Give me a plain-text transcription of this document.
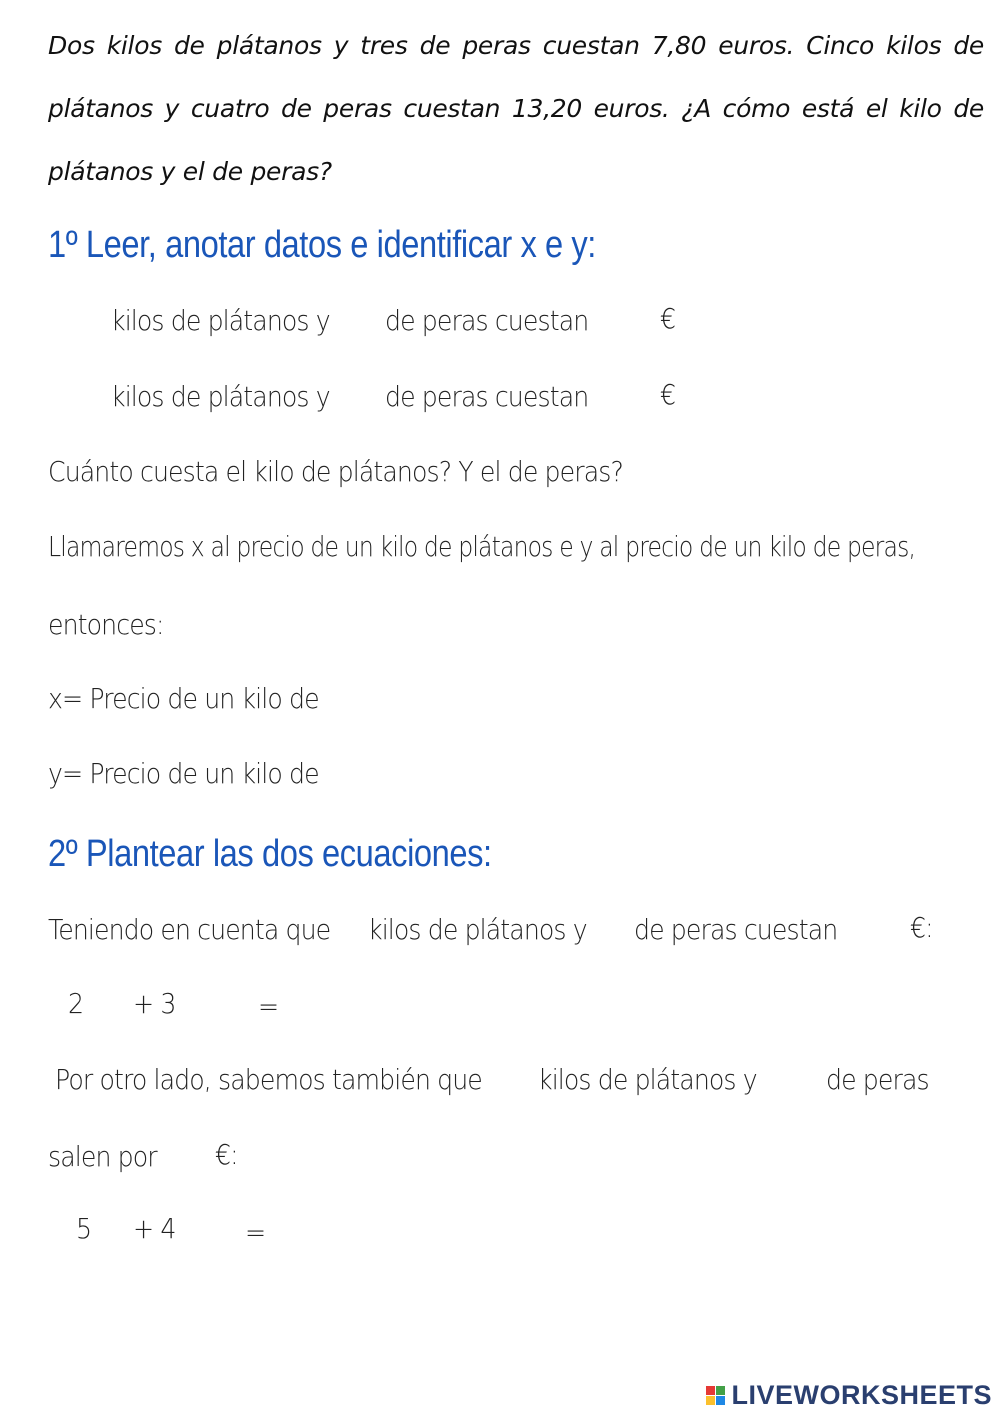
Dos kilos de plátanos y tres de peras cuestan 7,80 euros. Cinco kilos de plátanos y cuatro de peras cuestan 13,20 euros. ¿A cómo está el kilo de plátanos y el de peras?
1º Leer, anotar datos e identificar x e y:
kilos de plátanos y de peras cuestan	€
kilos de plátanos y de peras cuestan	€
Cuánto cuesta el kilo de plátanos? Y el de peras?
Llamaremos x al precio de un kilo de plátanos e y al precio de un kilo de peras,
entonces:
x= Precio de un kilo de
y= Precio de un kilo de
2º Plantear las dos ecuaciones:
Teniendo en cuenta que kilos de plátanos y de peras cuestan	€:
2 + 3	=
Por otro lado, sabemos también que kilos de plátanos y de peras
salen por €:
5 + 4 =
LIVEWORKSHEETS
